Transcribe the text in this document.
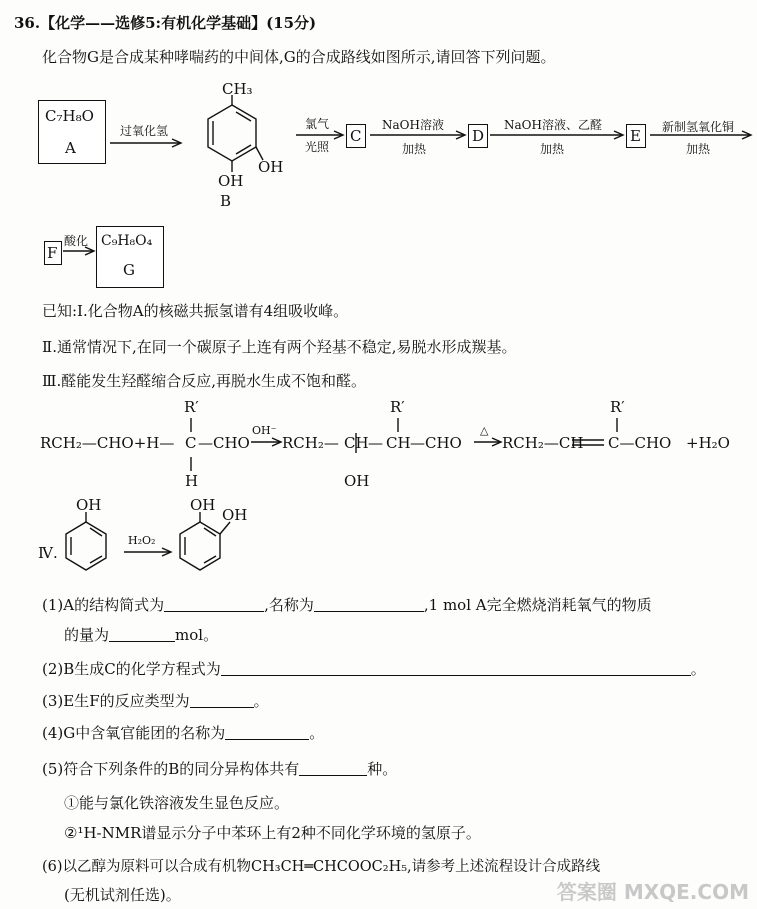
36.【化学——选修5:有机化学基础】(15分)
化合物G是合成某种哮喘药的中间体,G的合成路线如图所示,请回答下列问题。
C₇H₈O
A
C	D	E
F
C₉H₈O₄
G
过氧化氢
CH₃
OH
OH
B
氯气
光照
NaOH溶液
加热
NaOH溶液、乙醛
加热
新制氢氧化铜
加热
酸化
已知:Ⅰ.化合物A的核磁共振氢谱有4组吸收峰。
Ⅱ.通常情况下,在同一个碳原子上连有两个羟基不稳定,易脱水形成羰基。
Ⅲ.醛能发生羟醛缩合反应,再脱水生成不饱和醛。
RCH₂—CHO+H—
R′
C
H
—CHO
OH⁻
RCH₂— CH —
OH
R′
CH —CHO
△
RCH₂—CH
R′
C—CHO +H₂O
Ⅳ.
OH
H₂O₂
OH
OH
(1)A的结构简式为	,名称为	,1 mol A完全燃烧消耗氧气的物质
的量为	mol。
(2)B生成C的化学方程式为	。
(3)E生F的反应类型为	。
(4)G中含氧官能团的名称为	。
(5)符合下列条件的B的同分异构体共有	种。
①能与氯化铁溶液发生显色反应。
②¹H-NMR谱显示分子中苯环上有2种不同化学环境的氢原子。
(6)以乙醇为原料可以合成有机物CH₃CH═CHCOOC₂H₅,请参考上述流程设计合成路线
(无机试剂任选)。	答案圈 MXQE.COM
